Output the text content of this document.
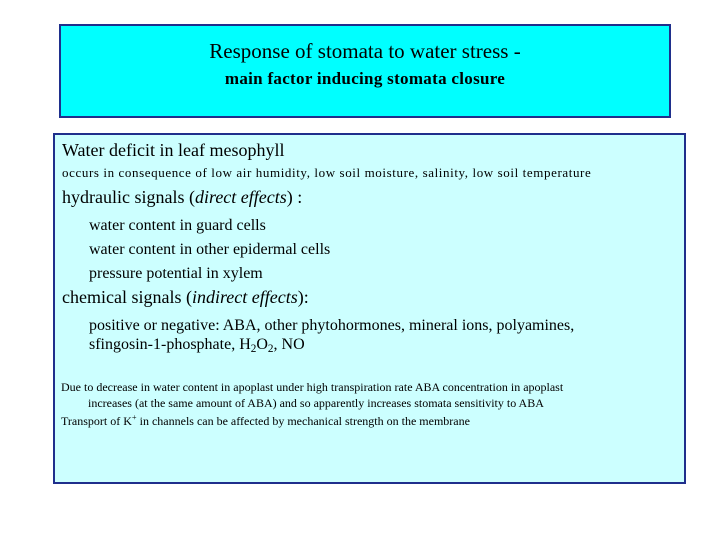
Response of stomata to water stress -
main factor inducing stomata closure
Water deficit in leaf mesophyll
occurs in consequence of low air humidity, low soil moisture, salinity, low soil temperature
hydraulic signals (direct effects) :
water content in guard cells
water content in other epidermal cells
pressure potential in xylem
chemical signals (indirect effects):
positive or negative: ABA, other phytohormones, mineral ions, polyamines,
sfingosin-1-phosphate, $H_2O_2$, NO
Due to decrease in water content in apoplast under high transpiration rate ABA concentration in apoplast
increases (at the same amount of ABA) and so apparently increases stomata sensitivity to ABA
Transport of K+ in channels can be affected by mechanical strength on the membrane
